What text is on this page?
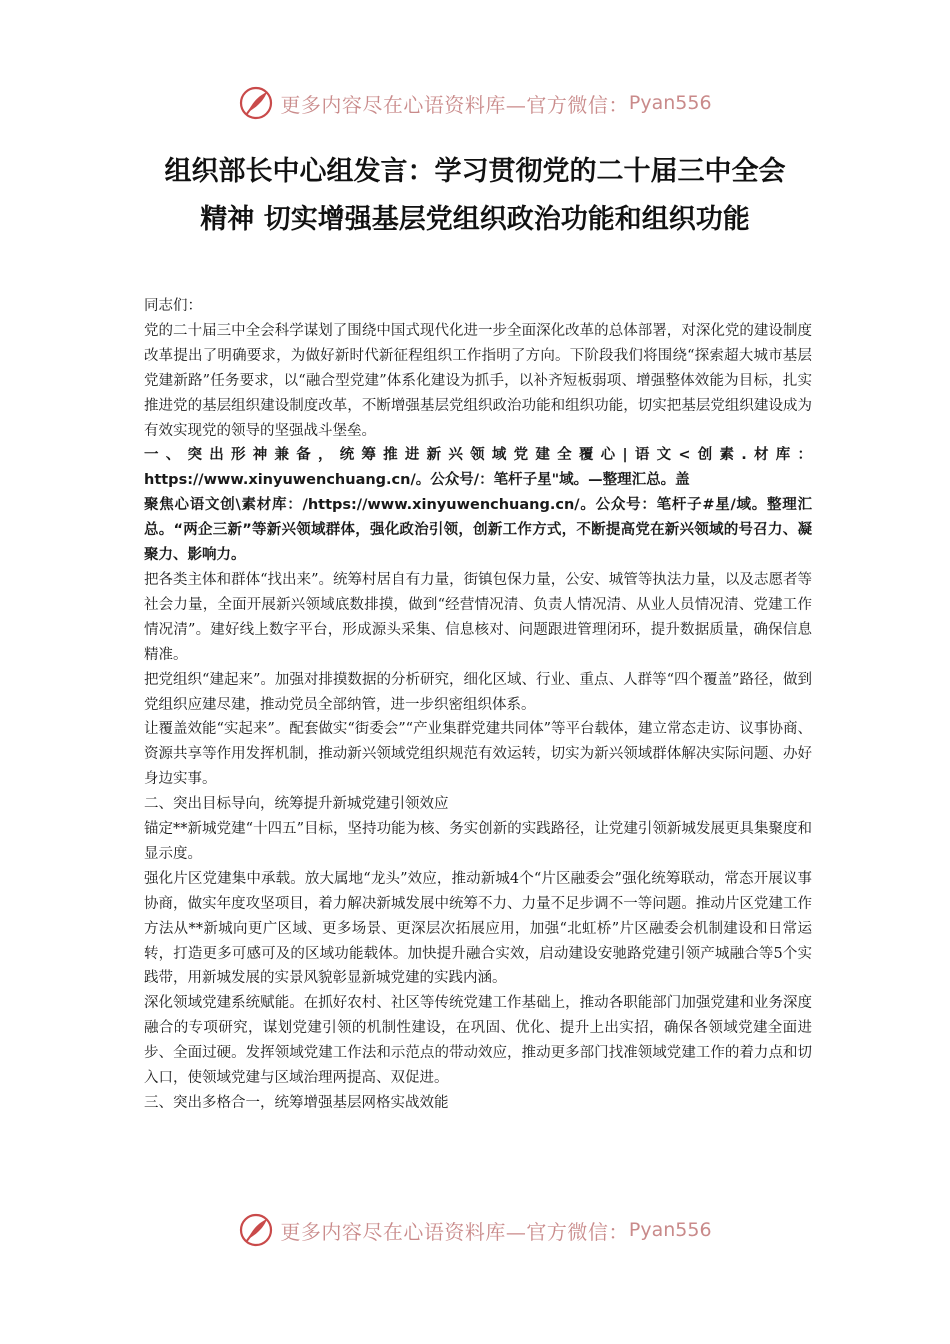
更多内容尽在心语资料库—官方微信： Pyan556
组织部长中心组发言：学习贯彻党的二十届三中全会
精神 切实增强基层党组织政治功能和组织功能

同志们：

党的二十届三中全会科学谋划了围绕中国式现代化进一步全面深化改革的总体部署，对深化党的建设制度改革提出了明确要求，为做好新时代新征程组织工作指明了方向。下阶段我们将围绕“探索超大城市基层党建新路”任务要求，以“融合型党建”体系化建设为抓手，以补齐短板弱项、增强整体效能为目标，扎实推进党的基层组织建设制度改革，不断增强基层党组织政治功能和组织功能，切实把基层党组织建设成为有效实现党的领导的坚强战斗堡垒。

一、突出形神兼备，统筹推进新兴领域党建全覆心|语文<创素.材库： https://www.xinyuwenchuang.cn/。公众号/：笔杆子星"域。—整理汇总。盖

聚焦心语文创\素材库：/https://www.xinyuwenchuang.cn/。公众号：笔杆子#星/域。整理汇总。“两企三新”等新兴领域群体，强化政治引领，创新工作方式，不断提高党在新兴领域的号召力、凝聚力、影响力。

把各类主体和群体“找出来”。统筹村居自有力量，街镇包保力量，公安、城管等执法力量，以及志愿者等社会力量，全面开展新兴领域底数排摸，做到“经营情况清、负责人情况清、从业人员情况清、党建工作情况清”。建好线上数字平台，形成源头采集、信息核对、问题跟进管理闭环，提升数据质量，确保信息精准。

把党组织“建起来”。加强对排摸数据的分析研究，细化区域、行业、重点、人群等“四个覆盖”路径，做到党组织应建尽建，推动党员全部纳管，进一步织密组织体系。

让覆盖效能“实起来”。配套做实“街委会”“产业集群党建共同体”等平台载体，建立常态走访、议事协商、资源共享等作用发挥机制，推动新兴领域党组织规范有效运转，切实为新兴领域群体解决实际问题、办好身边实事。

二、突出目标导向，统筹提升新城党建引领效应

锚定**新城党建“十四五”目标，坚持功能为核、务实创新的实践路径，让党建引领新城发展更具集聚度和显示度。

强化片区党建集中承载。放大属地“龙头”效应，推动新城4个“片区融委会”强化统筹联动，常态开展议事协商，做实年度攻坚项目，着力解决新城发展中统筹不力、力量不足步调不一等问题。推动片区党建工作方法从**新城向更广区域、更多场景、更深层次拓展应用，加强“北虹桥”片区融委会机制建设和日常运转，打造更多可感可及的区域功能载体。加快提升融合实效，启动建设安驰路党建引领产城融合等5个实践带，用新城发展的实景风貌彰显新城党建的实践内涵。

深化领域党建系统赋能。在抓好农村、社区等传统党建工作基础上，推动各职能部门加强党建和业务深度融合的专项研究，谋划党建引领的机制性建设，在巩固、优化、提升上出实招，确保各领域党建全面进步、全面过硬。发挥领域党建工作法和示范点的带动效应，推动更多部门找准领域党建工作的着力点和切入口，使领域党建与区域治理两提高、双促进。

三、突出多格合一，统筹增强基层网格实战效能

更多内容尽在心语资料库—官方微信： Pyan556
